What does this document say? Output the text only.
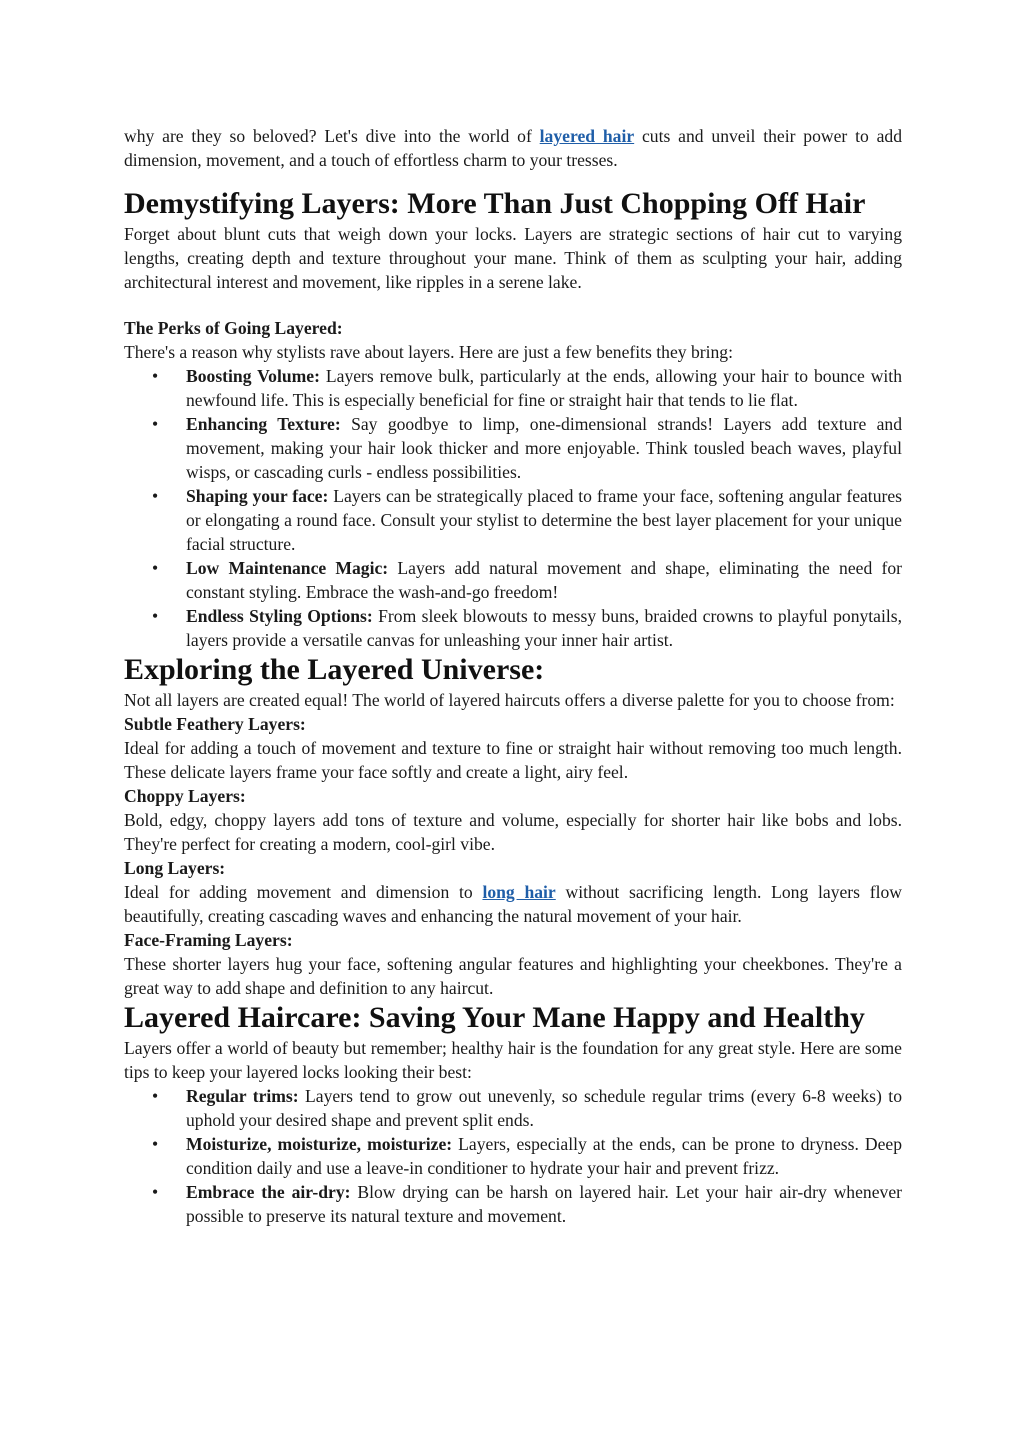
why are they so beloved? Let's dive into the world of layered hair cuts and unveil their power to add dimension, movement, and a touch of effortless charm to your tresses.

Demystifying Layers: More Than Just Chopping Off Hair

Forget about blunt cuts that weigh down your locks. Layers are strategic sections of hair cut to varying lengths, creating depth and texture throughout your mane. Think of them as sculpting your hair, adding architectural interest and movement, like ripples in a serene lake.

The Perks of Going Layered:

There's a reason why stylists rave about layers. Here are just a few benefits they bring:

• Boosting Volume: Layers remove bulk, particularly at the ends, allowing your hair to bounce with newfound life. This is especially beneficial for fine or straight hair that tends to lie flat.
• Enhancing Texture: Say goodbye to limp, one-dimensional strands! Layers add texture and movement, making your hair look thicker and more enjoyable. Think tousled beach waves, playful wisps, or cascading curls - endless possibilities.
• Shaping your face: Layers can be strategically placed to frame your face, softening angular features or elongating a round face. Consult your stylist to determine the best layer placement for your unique facial structure.
• Low Maintenance Magic: Layers add natural movement and shape, eliminating the need for constant styling. Embrace the wash-and-go freedom!
• Endless Styling Options: From sleek blowouts to messy buns, braided crowns to playful ponytails, layers provide a versatile canvas for unleashing your inner hair artist.
Exploring the Layered Universe:

Not all layers are created equal! The world of layered haircuts offers a diverse palette for you to choose from:

Subtle Feathery Layers:

Ideal for adding a touch of movement and texture to fine or straight hair without removing too much length. These delicate layers frame your face softly and create a light, airy feel.

Choppy Layers:

Bold, edgy, choppy layers add tons of texture and volume, especially for shorter hair like bobs and lobs. They're perfect for creating a modern, cool-girl vibe.

Long Layers:

Ideal for adding movement and dimension to long hair without sacrificing length. Long layers flow beautifully, creating cascading waves and enhancing the natural movement of your hair.

Face-Framing Layers:

These shorter layers hug your face, softening angular features and highlighting your cheekbones. They're a great way to add shape and definition to any haircut.

Layered Haircare: Saving Your Mane Happy and Healthy

Layers offer a world of beauty but remember; healthy hair is the foundation for any great style. Here are some tips to keep your layered locks looking their best:

• Regular trims: Layers tend to grow out unevenly, so schedule regular trims (every 6-8 weeks) to uphold your desired shape and prevent split ends.
• Moisturize, moisturize, moisturize: Layers, especially at the ends, can be prone to dryness. Deep condition daily and use a leave-in conditioner to hydrate your hair and prevent frizz.
• Embrace the air-dry: Blow drying can be harsh on layered hair. Let your hair air-dry whenever possible to preserve its natural texture and movement.
